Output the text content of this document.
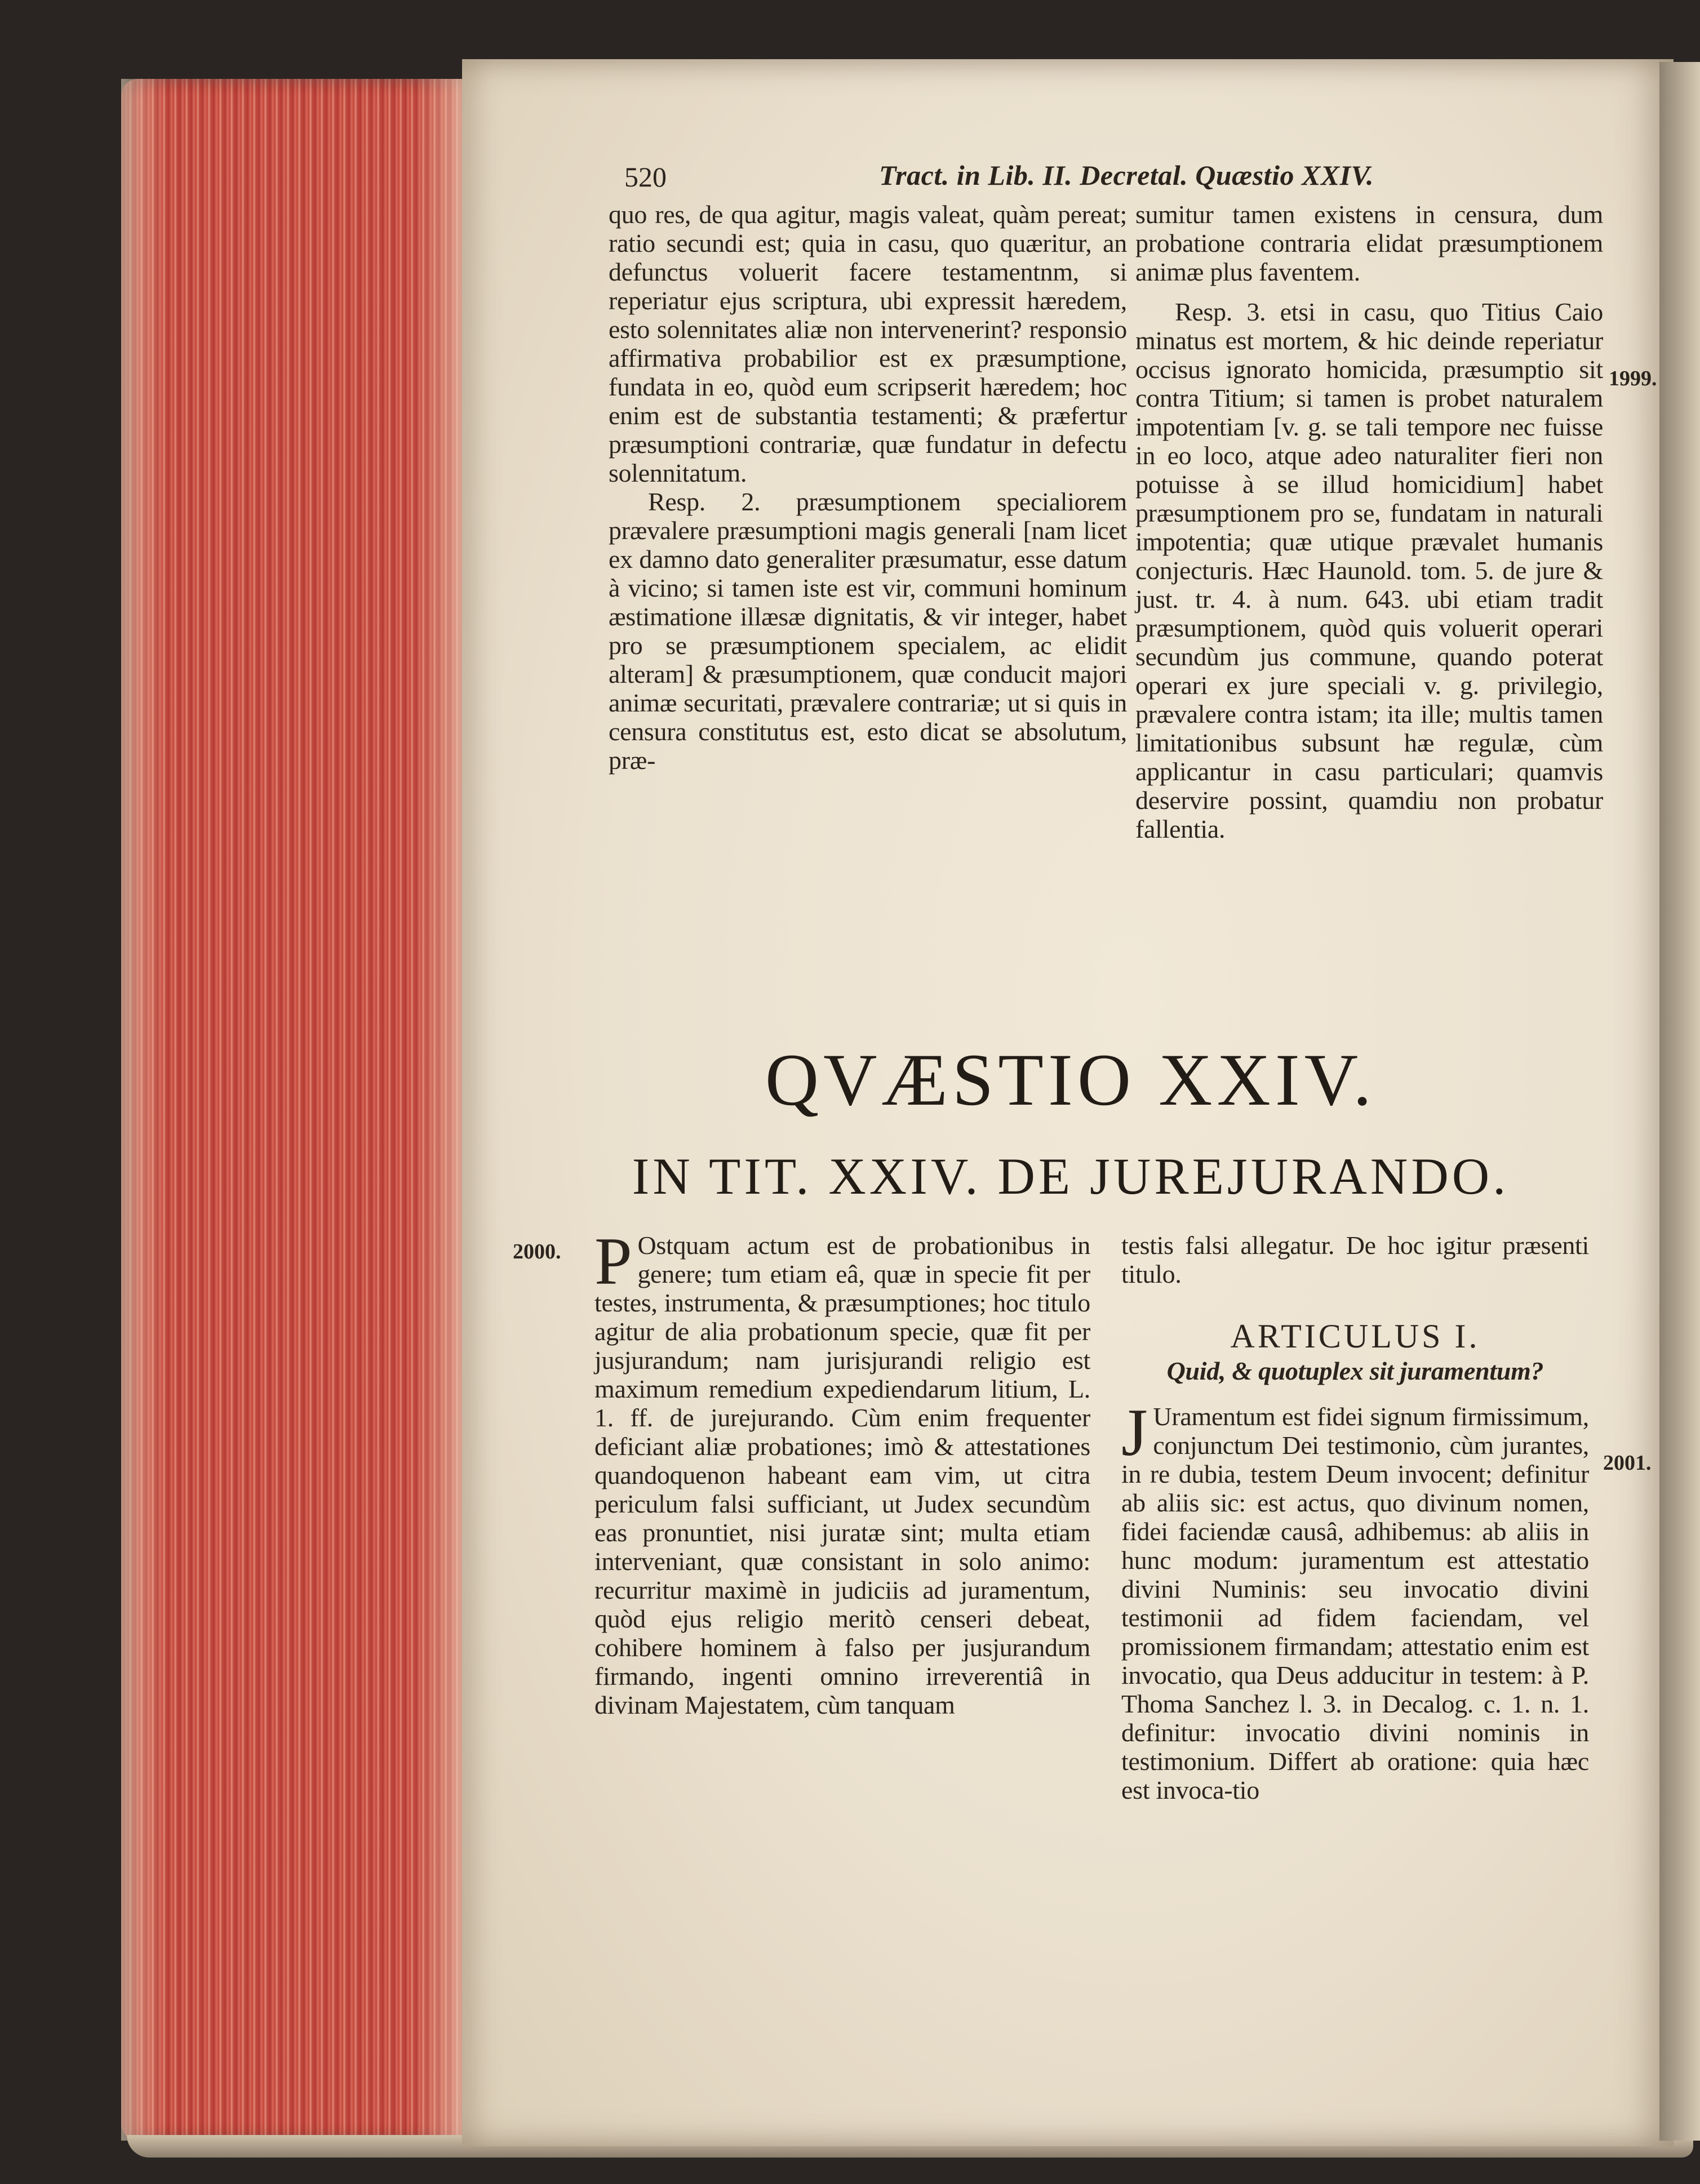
520	Tract. in Lib. II. Decretal. Quæstio XXIV.

quo res, de qua agitur, magis valeat, quàm pereat; ratio secundi est; quia in casu, quo quæritur, an defunctus voluerit facere testamentnm, si reperiatur ejus scriptura, ubi expressit hæredem, esto solennitates aliæ non intervenerint? responsio affirmativa probabilior est ex præsumptione, fundata in eo, quòd eum scripserit hæredem; hoc enim est de substantia testamenti; & præfertur præsumptioni contrariæ, quæ fundatur in defectu solennitatum.

Resp. 2. præsumptionem specialiorem prævalere præsumptioni magis generali [nam licet ex damno dato generaliter præsumatur, esse datum à vicino; si tamen iste est vir, communi hominum æstimatione illæsæ dignitatis, & vir integer, habet pro se præsumptionem specialem, ac elidit alteram] & præsumptionem, quæ conducit majori animæ securitati, prævalere contrariæ; ut si quis in censura constitutus est, esto dicat se absolutum, præ-

sumitur tamen existens in censura, dum probatione contraria elidat præsumptionem animæ plus faventem.

Resp. 3. etsi in casu, quo Titius Caio minatus est mortem, & hic deinde reperiatur occisus ignorato homicida, præsumptio sit contra Titium; si tamen is probet naturalem impotentiam [v. g. se tali tempore nec fuisse in eo loco, atque adeo naturaliter fieri non potuisse à se illud homicidium] habet præsumptionem pro se, fundatam in naturali impotentia; quæ utique prævalet humanis conjecturis. Hæc Haunold. tom. 5. de jure & just. tr. 4. à num. 643. ubi etiam tradit præsumptionem, quòd quis voluerit operari secundùm jus commune, quando poterat operari ex jure speciali v. g. privilegio, prævalere contra istam; ita ille; multis tamen limitationibus subsunt hæ regulæ, cùm applicantur in casu particulari; quamvis deservire possint, quamdiu non probatur fallentia.

1999.
QVÆSTIO XXIV.
IN TIT. XXIV. DE JUREJURANDO.
2000. P Ostquam actum est de probationibus in genere; tum etiam eâ, quæ in specie fit per testes, instrumenta, & præsumptiones; hoc titulo agitur de alia probationum specie, quæ fit per jusjurandum; nam jurisjurandi religio est maximum remedium expediendarum litium, L. 1. ff. de jurejurando. Cùm enim frequenter deficiant aliæ probationes; imò & attestationes quandoquenon habeant eam vim, ut citra periculum falsi sufficiant, ut Judex secundùm eas pronuntiet, nisi juratæ sint; multa etiam interveniant, quæ consistant in solo animo: recurritur maximè in judiciis ad juramentum, quòd ejus religio meritò censeri debeat, cohibere hominem à falso per jusjurandum firmando, ingenti omnino irreverentiâ in divinam Majestatem, cùm tanquam

testis falsi allegatur. De hoc igitur præsenti titulo.

ARTICULUS I.
Quid, & quotuplex sit juramentum?

J Uramentum est fidei signum firmissimum, conjunctum Dei testimonio, cùm jurantes, in re dubia, testem Deum invocent; definitur ab aliis sic: est actus, quo divinum nomen, fidei faciendæ causâ, adhibemus: ab aliis in hunc modum: juramentum est attestatio divini Numinis: seu invocatio divini testimonii ad fidem faciendam, vel promissionem firmandam; attestatio enim est invocatio, qua Deus adducitur in testem: à P. Thoma Sanchez l. 3. in Decalog. c. 1. n. 1. definitur: invocatio divini nominis in testimonium. Differt ab oratione: quia hæc est invoca-tio

2001.
